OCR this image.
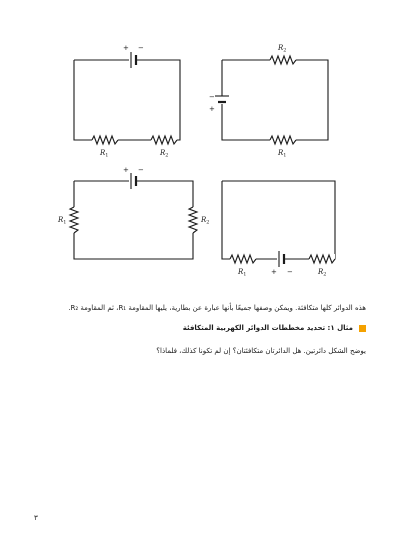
+ −
$R_1$	$R_2$
−
+
$R_2$
$R_1$
+ −
$R_1$	$R_2$
+ −
$R_1$	$R_2$
هذه الدوائر كلها متكافئة. ويمكن وصفها جميعًا بأنها عبارة عن بطارية، يليها المقاومة R₁، ثم المقاومة R₂.
مثال ١: تحديد مخططات الدوائر الكهربية المتكافئة
يوضح الشكل دائرتين. هل الدائرتان متكافئتان؟ إن لم تكونا كذلك، فلماذا؟
٣
